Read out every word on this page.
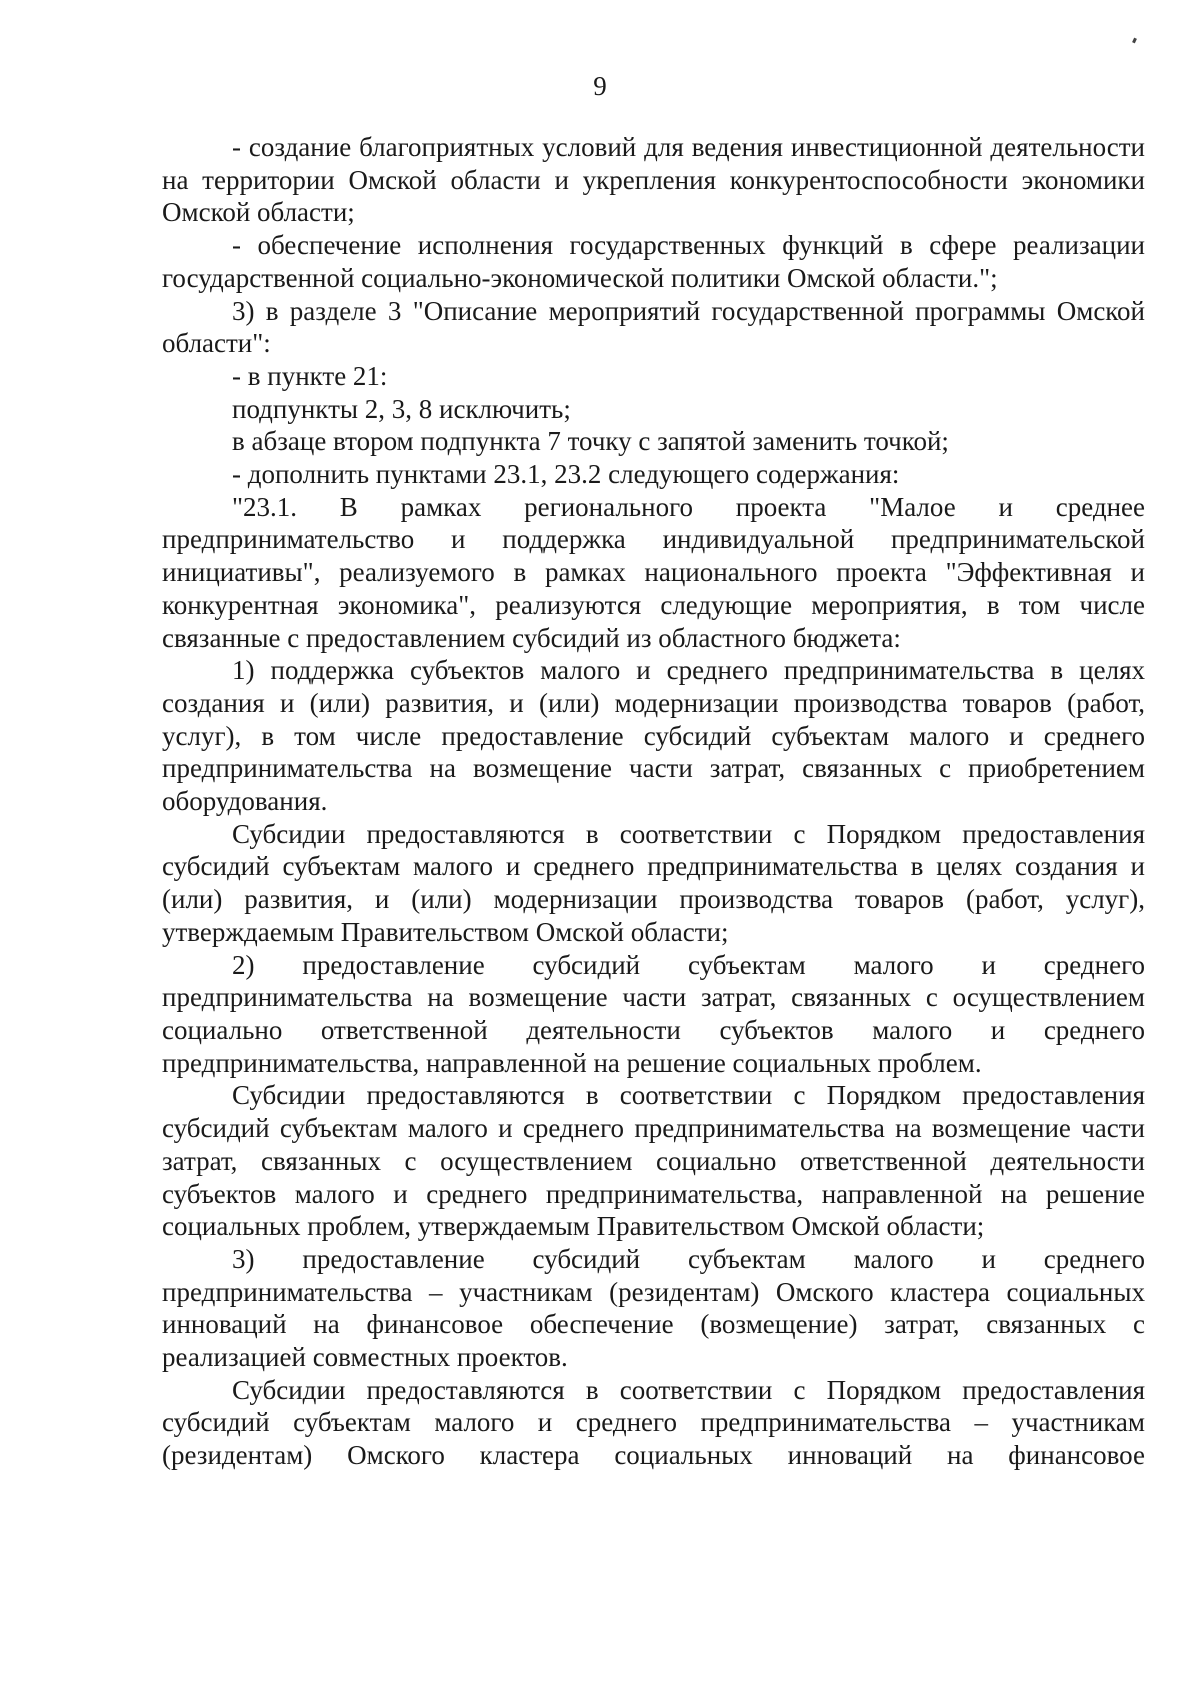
9

- создание благоприятных условий для ведения инвестиционной деятельности на территории Омской области и укрепления конкурентоспособности экономики Омской области;

- обеспечение исполнения государственных функций в сфере реализации государственной социально-экономической политики Омской области.";

3) в разделе 3 "Описание мероприятий государственной программы Омской области":

- в пункте 21:

подпункты 2, 3, 8 исключить;

в абзаце втором подпункта 7 точку с запятой заменить точкой;

- дополнить пунктами 23.1, 23.2 следующего содержания:

"23.1. В рамках регионального проекта "Малое и среднее предпринимательство и поддержка индивидуальной предпринимательской инициативы", реализуемого в рамках национального проекта "Эффективная и конкурентная экономика", реализуются следующие мероприятия, в том числе связанные с предоставлением субсидий из областного бюджета:

1) поддержка субъектов малого и среднего предпринимательства в целях создания и (или) развития, и (или) модернизации производства товаров (работ, услуг), в том числе предоставление субсидий субъектам малого и среднего предпринимательства на возмещение части затрат, связанных с приобретением оборудования.

Субсидии предоставляются в соответствии с Порядком предоставления субсидий субъектам малого и среднего предпринимательства в целях создания и (или) развития, и (или) модернизации производства товаров (работ, услуг), утверждаемым Правительством Омской области;

2) предоставление субсидий субъектам малого и среднего предпринимательства на возмещение части затрат, связанных с осуществлением социально ответственной деятельности субъектов малого и среднего предпринимательства, направленной на решение социальных проблем.

Субсидии предоставляются в соответствии с Порядком предоставления субсидий субъектам малого и среднего предпринимательства на возмещение части затрат, связанных с осуществлением социально ответственной деятельности субъектов малого и среднего предпринимательства, направленной на решение социальных проблем, утверждаемым Правительством Омской области;

3) предоставление субсидий субъектам малого и среднего предпринимательства – участникам (резидентам) Омского кластера социальных инноваций на финансовое обеспечение (возмещение) затрат, связанных с реализацией совместных проектов.

Субсидии предоставляются в соответствии с Порядком предоставления субсидий субъектам малого и среднего предпринимательства – участникам (резидентам) Омского кластера социальных инноваций на финансовое
